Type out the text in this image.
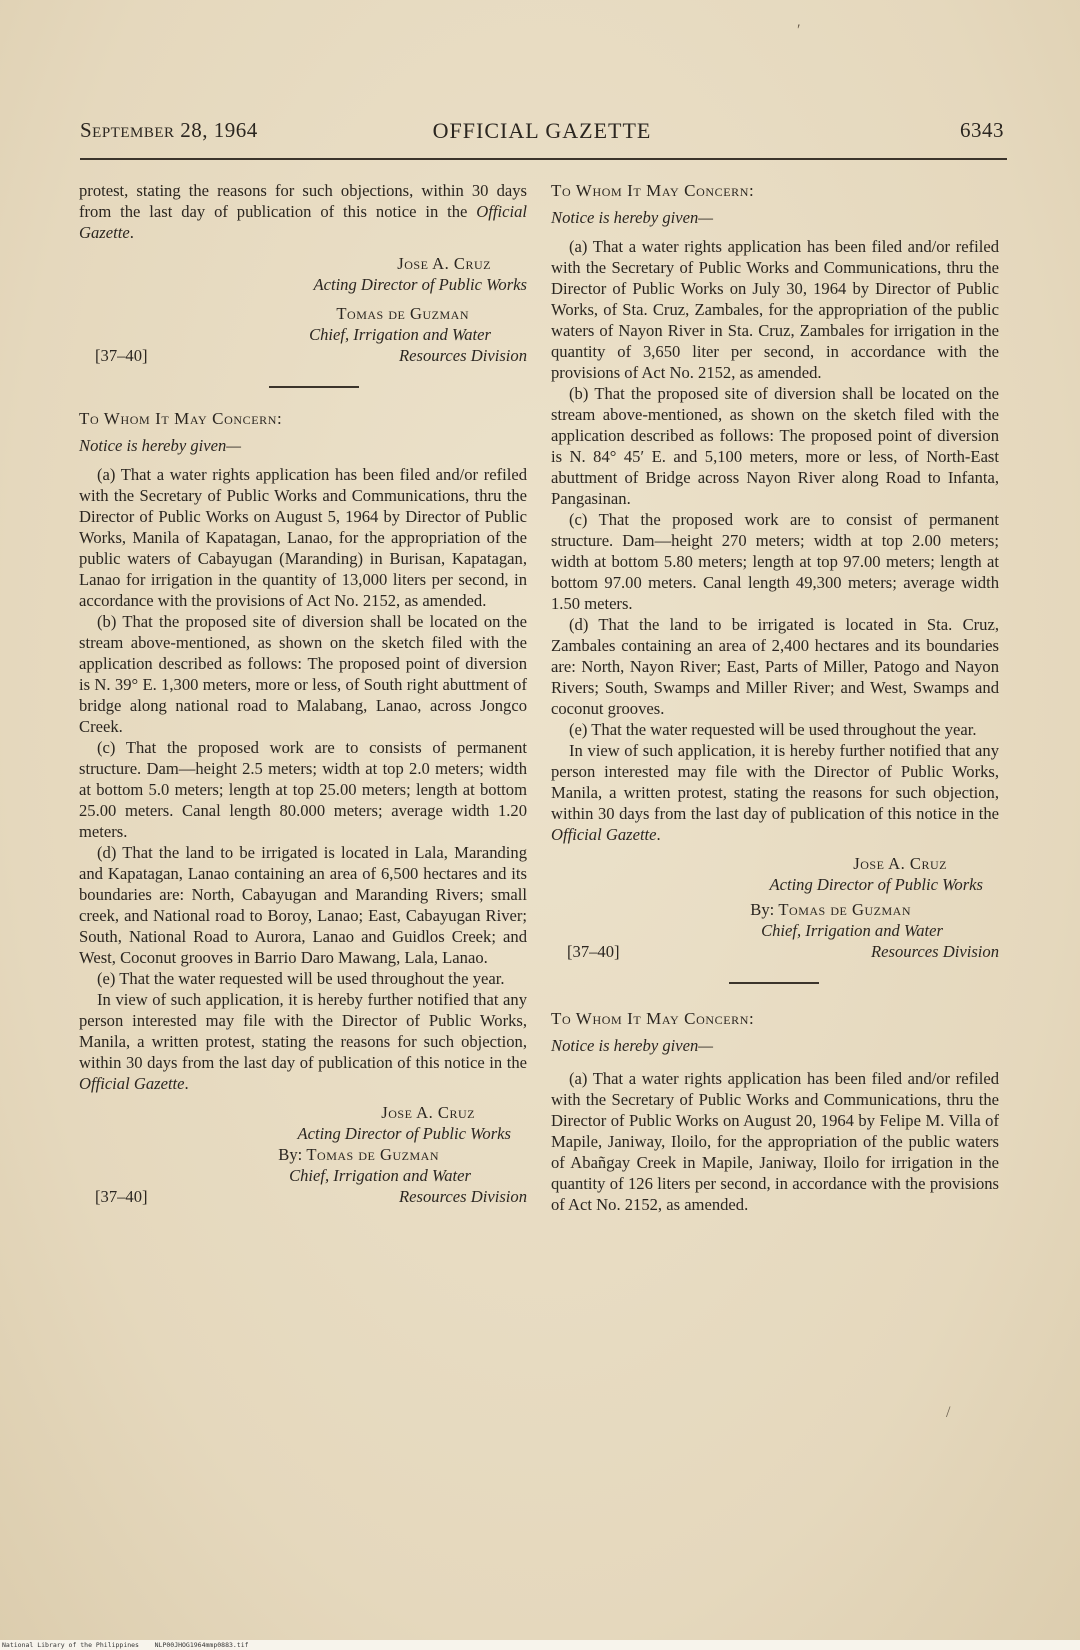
September 28, 1964	OFFICIAL GAZETTE	6343

protest, stating the reasons for such objections, within 30 days from the last day of publication of this notice in the Official Gazette.

Jose A. Cruz
Acting Director of Public Works
Tomas de Guzman
Chief, Irrigation and Water
[37–40]	Resources Division

To Whom It May Concern:

Notice is hereby given—

(a) That a water rights application has been filed and/or refiled with the Secretary of Public Works and Communications, thru the Director of Public Works on August 5, 1964 by Director of Public Works, Manila of Kapatagan, Lanao, for the appropriation of the public waters of Cabayugan (Maranding) in Burisan, Kapatagan, Lanao for irrigation in the quantity of 13,000 liters per second, in accordance with the provisions of Act No. 2152, as amended.

(b) That the proposed site of diversion shall be located on the stream above-mentioned, as shown on the sketch filed with the application described as follows: The proposed point of diversion is N. 39° E. 1,300 meters, more or less, of South right abuttment of bridge along national road to Malabang, Lanao, across Jongco Creek.

(c) That the proposed work are to consists of permanent structure. Dam—height 2.5 meters; width at top 2.0 meters; width at bottom 5.0 meters; length at top 25.00 meters; length at bottom 25.00 meters. Canal length 80.000 meters; average width 1.20 meters.

(d) That the land to be irrigated is located in Lala, Maranding and Kapatagan, Lanao containing an area of 6,500 hectares and its boundaries are: North, Cabayugan and Maranding Rivers; small creek, and National road to Boroy, Lanao; East, Cabayugan River; South, National Road to Aurora, Lanao and Guidlos Creek; and West, Coconut grooves in Barrio Daro Mawang, Lala, Lanao.

(e) That the water requested will be used throughout the year.

In view of such application, it is hereby further notified that any person interested may file with the Director of Public Works, Manila, a written protest, stating the reasons for such objection, within 30 days from the last day of publication of this notice in the Official Gazette.

Jose A. Cruz
Acting Director of Public Works
By: Tomas de Guzman
Chief, Irrigation and Water
[37–40]	Resources Division

To Whom It May Concern:

Notice is hereby given—

(a) That a water rights application has been filed and/or refiled with the Secretary of Public Works and Communications, thru the Director of Public Works on July 30, 1964 by Director of Public Works, of Sta. Cruz, Zambales, for the appropriation of the public waters of Nayon River in Sta. Cruz, Zambales for irrigation in the quantity of 3,650 liter per second, in accordance with the provisions of Act No. 2152, as amended.

(b) That the proposed site of diversion shall be located on the stream above-mentioned, as shown on the sketch filed with the application described as follows: The proposed point of diversion is N. 84° 45′ E. and 5,100 meters, more or less, of North-East abuttment of Bridge across Nayon River along Road to Infanta, Pangasinan.

(c) That the proposed work are to consist of permanent structure. Dam—height 270 meters; width at top 2.00 meters; width at bottom 5.80 meters; length at top 97.00 meters; length at bottom 97.00 meters. Canal length 49,300 meters; average width 1.50 meters.

(d) That the land to be irrigated is located in Sta. Cruz, Zambales containing an area of 2,400 hectares and its boundaries are: North, Nayon River; East, Parts of Miller, Patogo and Nayon Rivers; South, Swamps and Miller River; and West, Swamps and coconut grooves.

(e) That the water requested will be used throughout the year.

In view of such application, it is hereby further notified that any person interested may file with the Director of Public Works, Manila, a written protest, stating the reasons for such objection, within 30 days from the last day of publication of this notice in the Official Gazette.

Jose A. Cruz
Acting Director of Public Works
By: Tomas de Guzman
Chief, Irrigation and Water
[37–40]	Resources Division

To Whom It May Concern:

Notice is hereby given—

(a) That a water rights application has been filed and/or refiled with the Secretary of Public Works and Communications, thru the Director of Public Works on August 20, 1964 by Felipe M. Villa of Mapile, Janiway, Iloilo, for the appropriation of the public waters of Abañgay Creek in Mapile, Janiway, Iloilo for irrigation in the quantity of 126 liters per second, in accordance with the provisions of Act No. 2152, as amended.

′
/
National Library of the Philippines NLP00JHOG1964mmp0883.tif
